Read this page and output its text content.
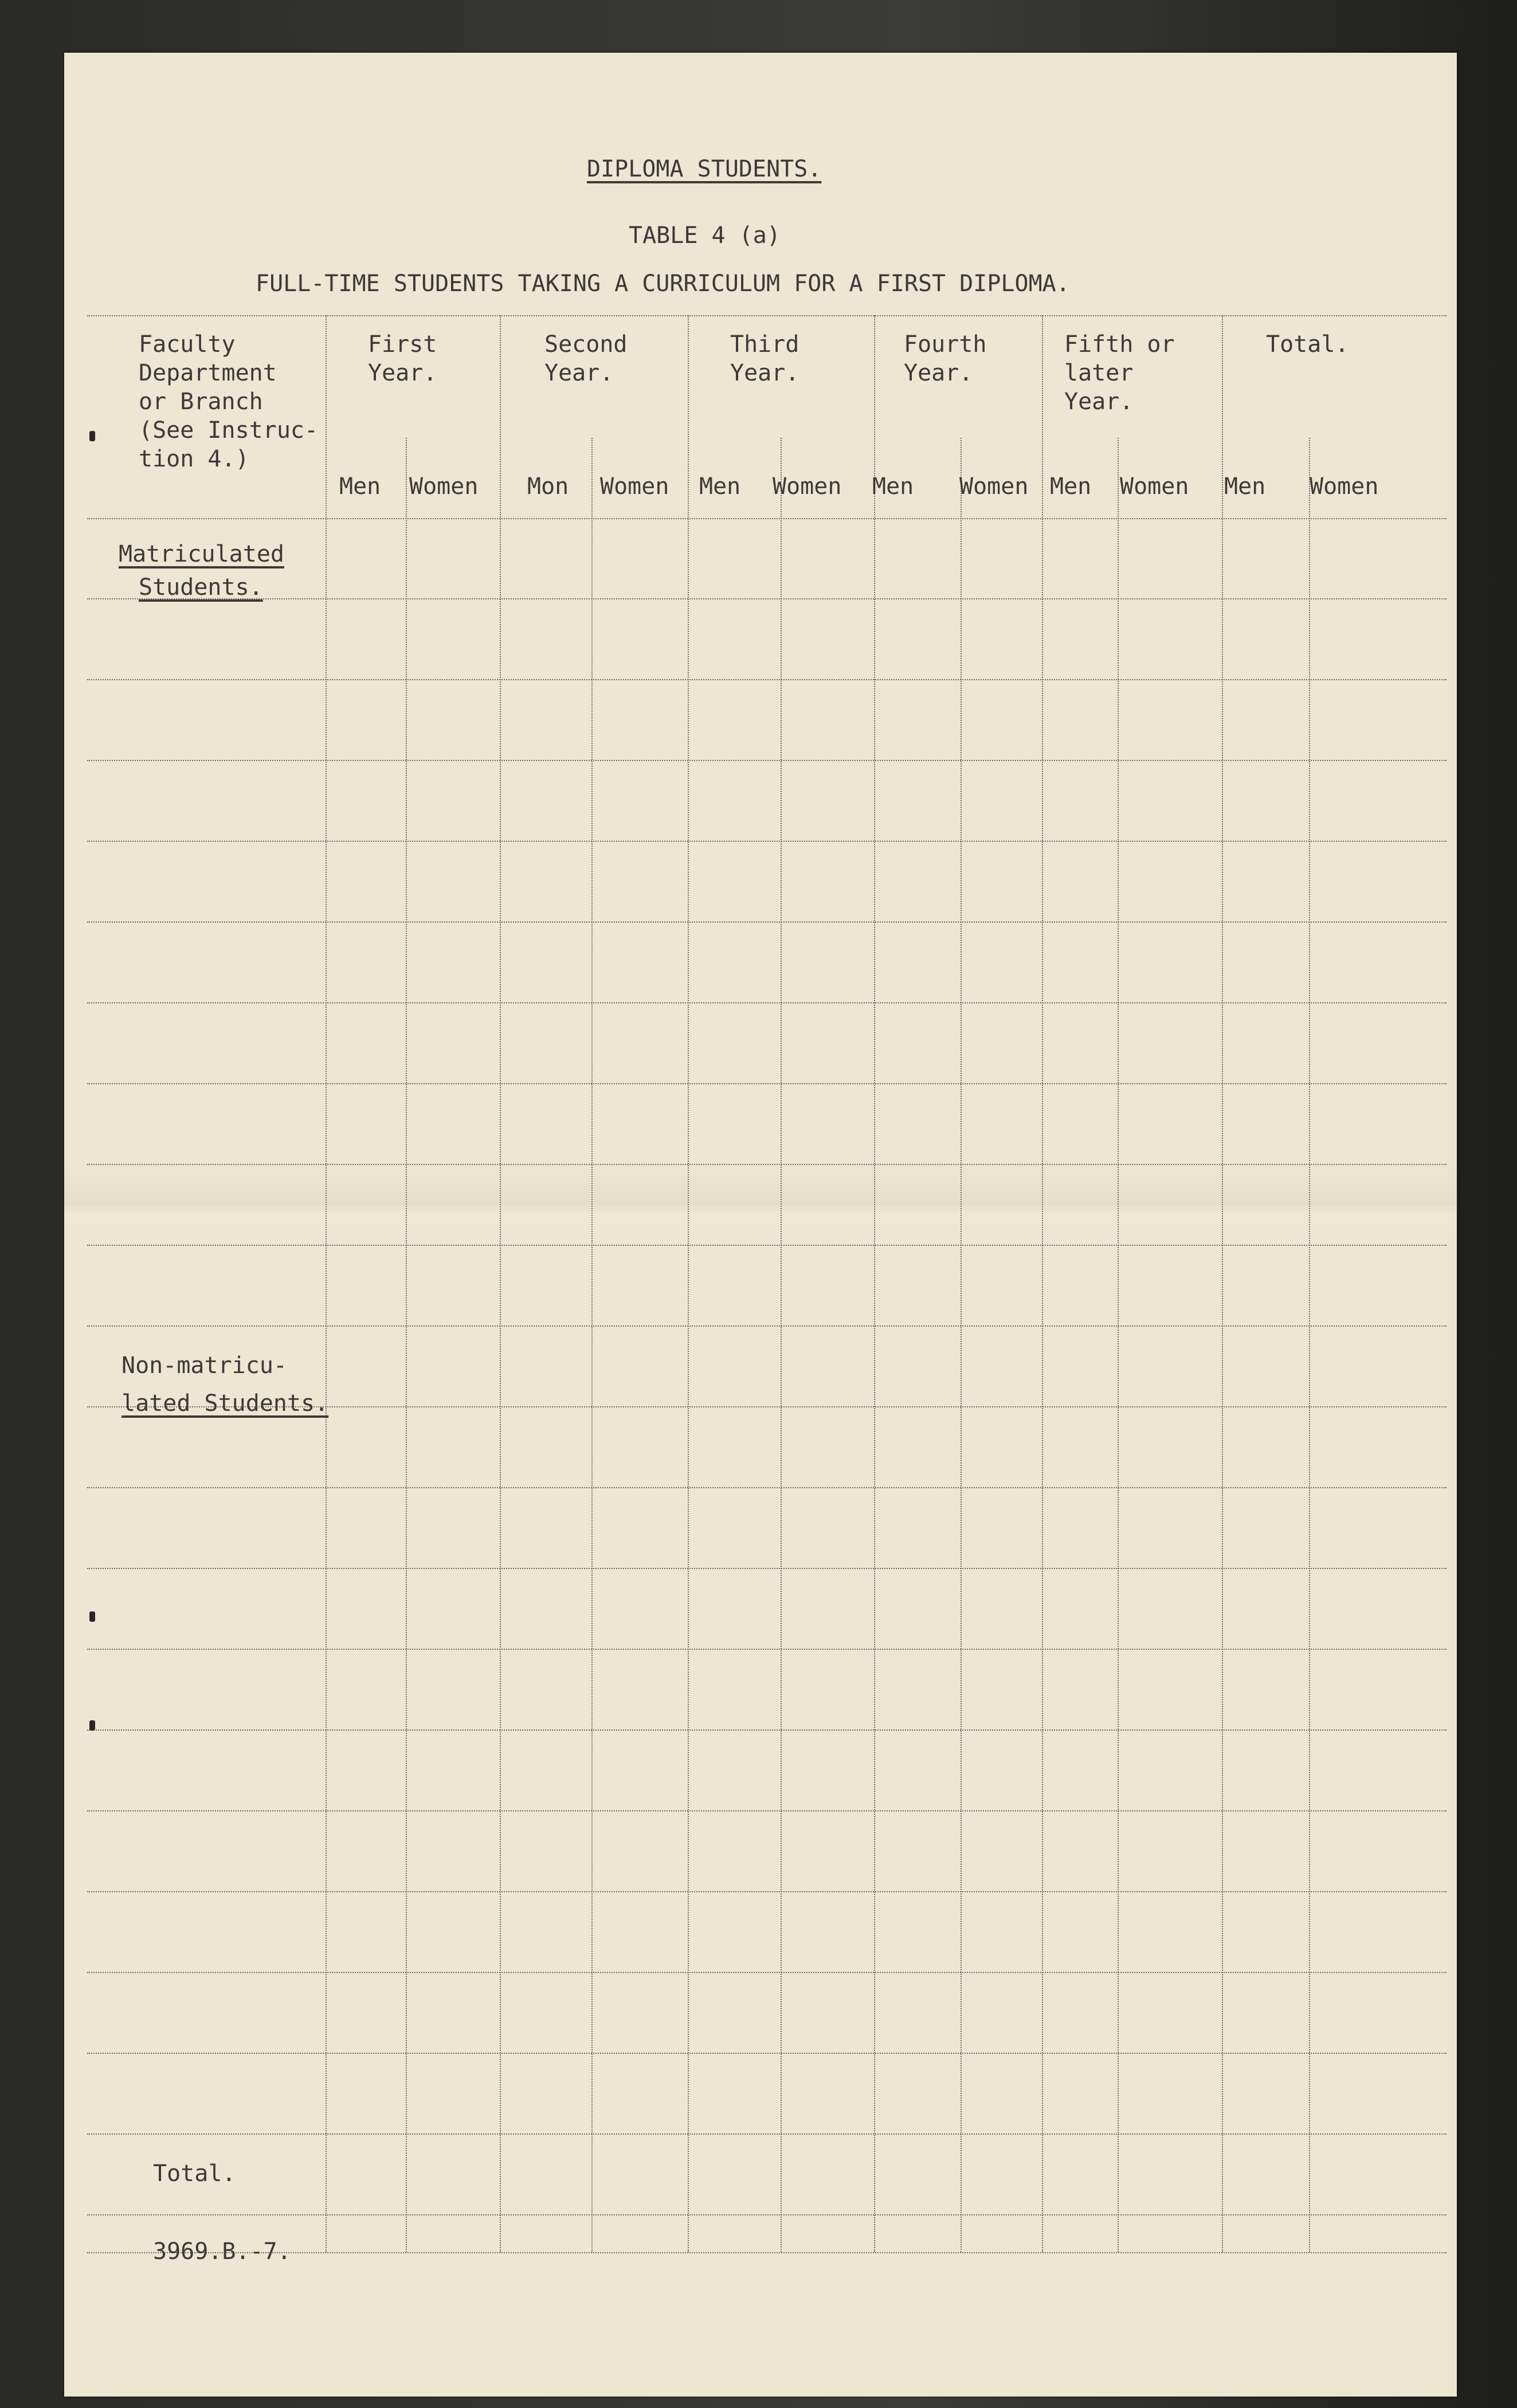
DIPLOMA STUDENTS.
TABLE 4 (a)
FULL-TIME STUDENTS TAKING A CURRICULUM FOR A FIRST DIPLOMA.
Faculty
Department
or Branch
(See Instruc-
tion 4.)
First
Year.
Second
Year.
Third
Year.
Fourth
Year.
Fifth or
later
Year.
Total.
Men Women Mon Women Men Women Men Women Men Women Men Women
Matriculated
Students.
Non-matricu-
lated Students.
Total.
3969.B.-7.
